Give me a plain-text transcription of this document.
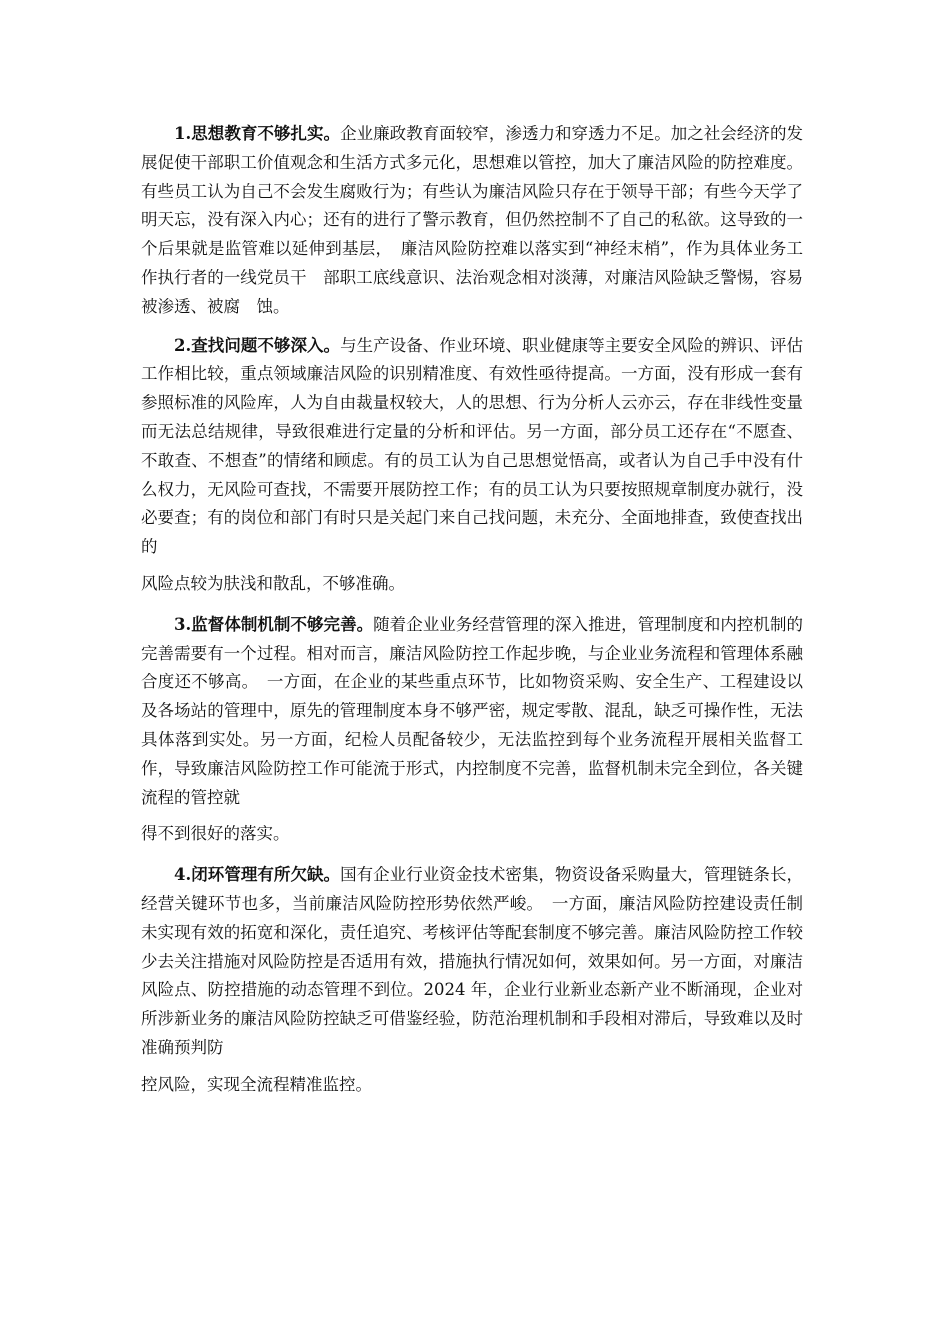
1.思想教育不够扎实。企业廉政教育面较窄，渗透力和穿透力不足。加之社会经济的发展促使干部职工价值观念和生活方式多元化，思想难以管控，加大了廉洁风险的防控难度。有些员工认为自己不会发生腐败行为；有些认为廉洁风险只存在于领导干部；有些今天学了明天忘，没有深入内心；还有的进行了警示教育，但仍然控制不了自己的私欲。这导致的一个后果就是监管难以延伸到基层，　廉洁风险防控难以落实到“神经末梢”，作为具体业务工作执行者的一线党员干　部职工底线意识、法治观念相对淡薄，对廉洁风险缺乏警惕，容易被渗透、被腐　蚀。

2.查找问题不够深入。与生产设备、作业环境、职业健康等主要安全风险的辨识、评估工作相比较，重点领域廉洁风险的识别精准度、有效性亟待提高。一方面，没有形成一套有参照标准的风险库，人为自由裁量权较大，人的思想、行为分析人云亦云，存在非线性变量而无法总结规律，导致很难进行定量的分析和评估。另一方面，部分员工还存在“不愿查、不敢查、不想查”的情绪和顾虑。有的员工认为自己思想觉悟高，或者认为自己手中没有什么权力，无风险可查找，不需要开展防控工作；有的员工认为只要按照规章制度办就行，没必要查；有的岗位和部门有时只是关起门来自己找问题，未充分、全面地排查，致使查找出的

风险点较为肤浅和散乱，不够准确。

3.监督体制机制不够完善。随着企业业务经营管理的深入推进，管理制度和内控机制的完善需要有一个过程。相对而言，廉洁风险防控工作起步晚，与企业业务流程和管理体系融合度还不够高。　一方面，在企业的某些重点环节，比如物资采购、安全生产、工程建设以及各场站的管理中，原先的管理制度本身不够严密，规定零散、混乱，缺乏可操作性，无法具体落到实处。另一方面，纪检人员配备较少，无法监控到每个业务流程开展相关监督工作，导致廉洁风险防控工作可能流于形式，内控制度不完善，监督机制未完全到位，各关键流程的管控就

得不到很好的落实。

4.闭环管理有所欠缺。国有企业行业资金技术密集，物资设备采购量大，管理链条长，经营关键环节也多，当前廉洁风险防控形势依然严峻。　一方面，廉洁风险防控建设责任制未实现有效的拓宽和深化，责任追究、考核评估等配套制度不够完善。廉洁风险防控工作较少去关注措施对风险防控是否适用有效，措施执行情况如何，效果如何。另一方面，对廉洁风险点、防控措施的动态管理不到位。2024 年，企业行业新业态新产业不断涌现，企业对所涉新业务的廉洁风险防控缺乏可借鉴经验，防范治理机制和手段相对滞后，导致难以及时准确预判防

控风险，实现全流程精准监控。
